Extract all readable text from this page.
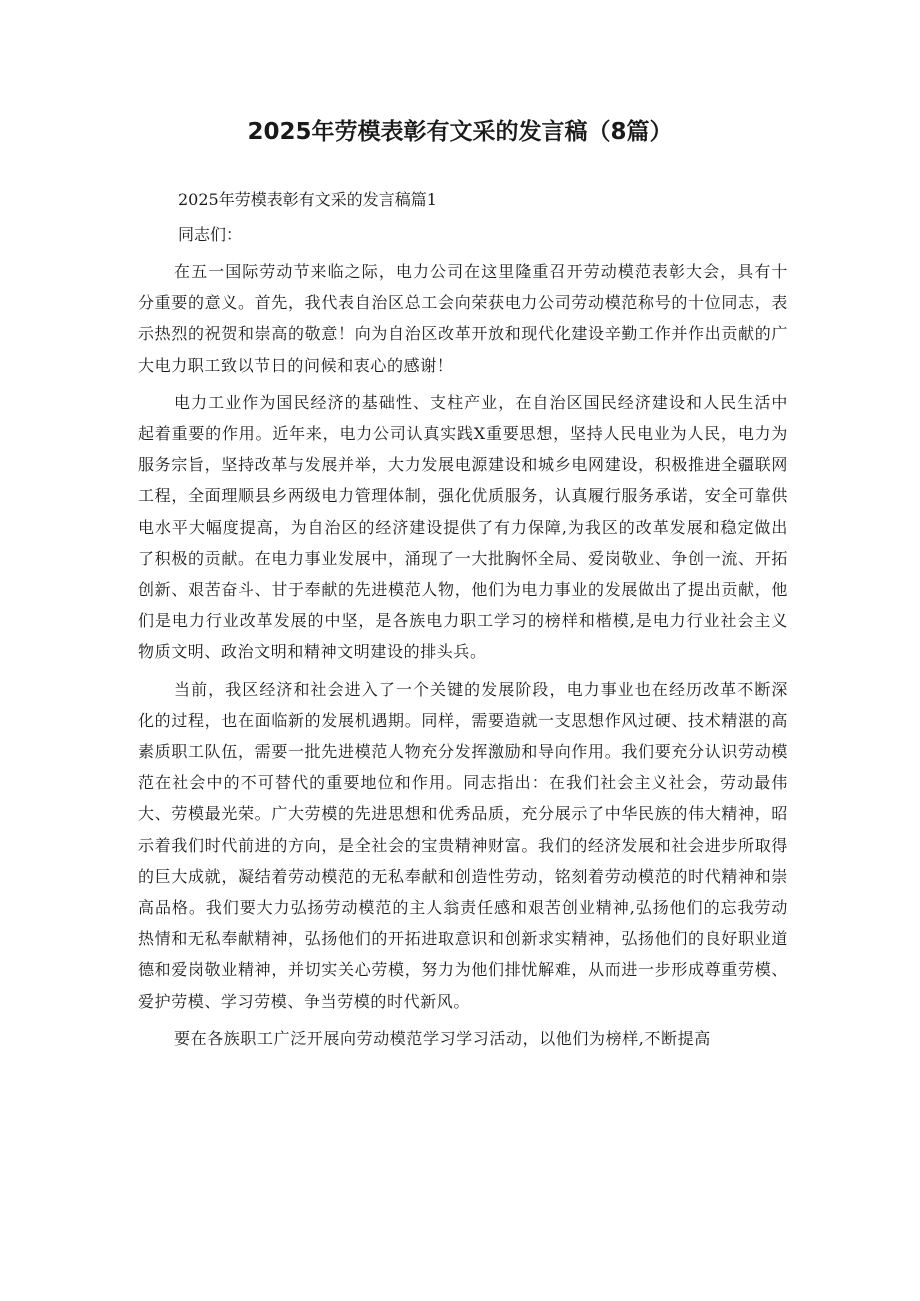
2025年劳模表彰有文采的发言稿（8篇）
2025年劳模表彰有文采的发言稿篇1
同志们：

在五一国际劳动节来临之际，电力公司在这里隆重召开劳动模范表彰大会，具有十分重要的意义。首先，我代表自治区总工会向荣获电力公司劳动模范称号的十位同志，表示热烈的祝贺和崇高的敬意！向为自治区改革开放和现代化建设辛勤工作并作出贡献的广大电力职工致以节日的问候和衷心的感谢！

电力工业作为国民经济的基础性、支柱产业，在自治区国民经济建设和人民生活中起着重要的作用。近年来，电力公司认真实践X重要思想，坚持人民电业为人民，电力为服务宗旨，坚持改革与发展并举，大力发展电源建设和城乡电网建设，积极推进全疆联网工程，全面理顺县乡两级电力管理体制，强化优质服务，认真履行服务承诺，安全可靠供电水平大幅度提高，为自治区的经济建设提供了有力保障,为我区的改革发展和稳定做出了积极的贡献。在电力事业发展中，涌现了一大批胸怀全局、爱岗敬业、争创一流、开拓创新、艰苦奋斗、甘于奉献的先进模范人物，他们为电力事业的发展做出了提出贡献，他们是电力行业改革发展的中坚，是各族电力职工学习的榜样和楷模,是电力行业社会主义物质文明、政治文明和精神文明建设的排头兵。

当前，我区经济和社会进入了一个关键的发展阶段，电力事业也在经历改革不断深化的过程，也在面临新的发展机遇期。同样，需要造就一支思想作风过硬、技术精湛的高素质职工队伍，需要一批先进模范人物充分发挥激励和导向作用。我们要充分认识劳动模范在社会中的不可替代的重要地位和作用。同志指出：在我们社会主义社会，劳动最伟大、劳模最光荣。广大劳模的先进思想和优秀品质，充分展示了中华民族的伟大精神，昭示着我们时代前进的方向，是全社会的宝贵精神财富。我们的经济发展和社会进步所取得的巨大成就，凝结着劳动模范的无私奉献和创造性劳动，铭刻着劳动模范的时代精神和崇高品格。我们要大力弘扬劳动模范的主人翁责任感和艰苦创业精神,弘扬他们的忘我劳动热情和无私奉献精神，弘扬他们的开拓进取意识和创新求实精神，弘扬他们的良好职业道德和爱岗敬业精神，并切实关心劳模，努力为他们排忧解难，从而进一步形成尊重劳模、爱护劳模、学习劳模、争当劳模的时代新风。

要在各族职工广泛开展向劳动模范学习学习活动，以他们为榜样,不断提高
